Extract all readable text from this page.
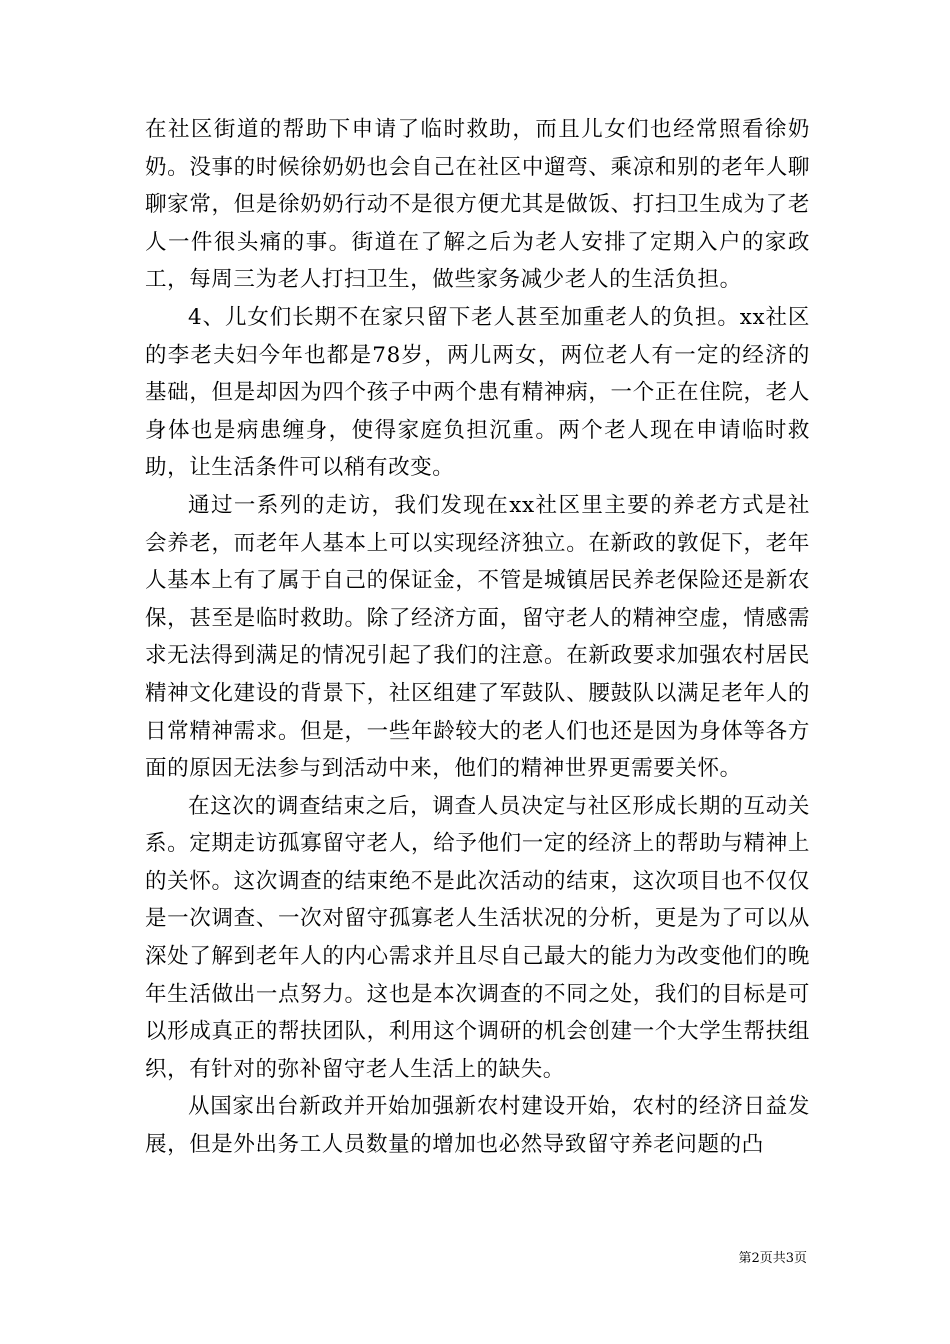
在社区街道的帮助下申请了临时救助，而且儿女们也经常照看徐奶奶。没事的时候徐奶奶也会自己在社区中遛弯、乘凉和别的老年人聊聊家常，但是徐奶奶行动不是很方便尤其是做饭、打扫卫生成为了老人一件很头痛的事。街道在了解之后为老人安排了定期入户的家政工，每周三为老人打扫卫生，做些家务减少老人的生活负担。

4、儿女们长期不在家只留下老人甚至加重老人的负担。xx社区的李老夫妇今年也都是78岁，两儿两女，两位老人有一定的经济的基础，但是却因为四个孩子中两个患有精神病，一个正在住院，老人身体也是病患缠身，使得家庭负担沉重。两个老人现在申请临时救助，让生活条件可以稍有改变。

通过一系列的走访，我们发现在xx社区里主要的养老方式是社会养老，而老年人基本上可以实现经济独立。在新政的敦促下，老年人基本上有了属于自己的保证金，不管是城镇居民养老保险还是新农保，甚至是临时救助。除了经济方面，留守老人的精神空虚，情感需求无法得到满足的情况引起了我们的注意。在新政要求加强农村居民精神文化建设的背景下，社区组建了军鼓队、腰鼓队以满足老年人的日常精神需求。但是，一些年龄较大的老人们也还是因为身体等各方面的原因无法参与到活动中来，他们的精神世界更需要关怀。

在这次的调查结束之后，调查人员决定与社区形成长期的互动关系。定期走访孤寡留守老人，给予他们一定的经济上的帮助与精神上的关怀。这次调查的结束绝不是此次活动的结束，这次项目也不仅仅是一次调查、一次对留守孤寡老人生活状况的分析，更是为了可以从深处了解到老年人的内心需求并且尽自己最大的能力为改变他们的晚年生活做出一点努力。这也是本次调查的不同之处，我们的目标是可以形成真正的帮扶团队，利用这个调研的机会创建一个大学生帮扶组织，有针对的弥补留守老人生活上的缺失。

从国家出台新政并开始加强新农村建设开始，农村的经济日益发展，但是外出务工人员数量的增加也必然导致留守养老问题的凸

第2页共3页
